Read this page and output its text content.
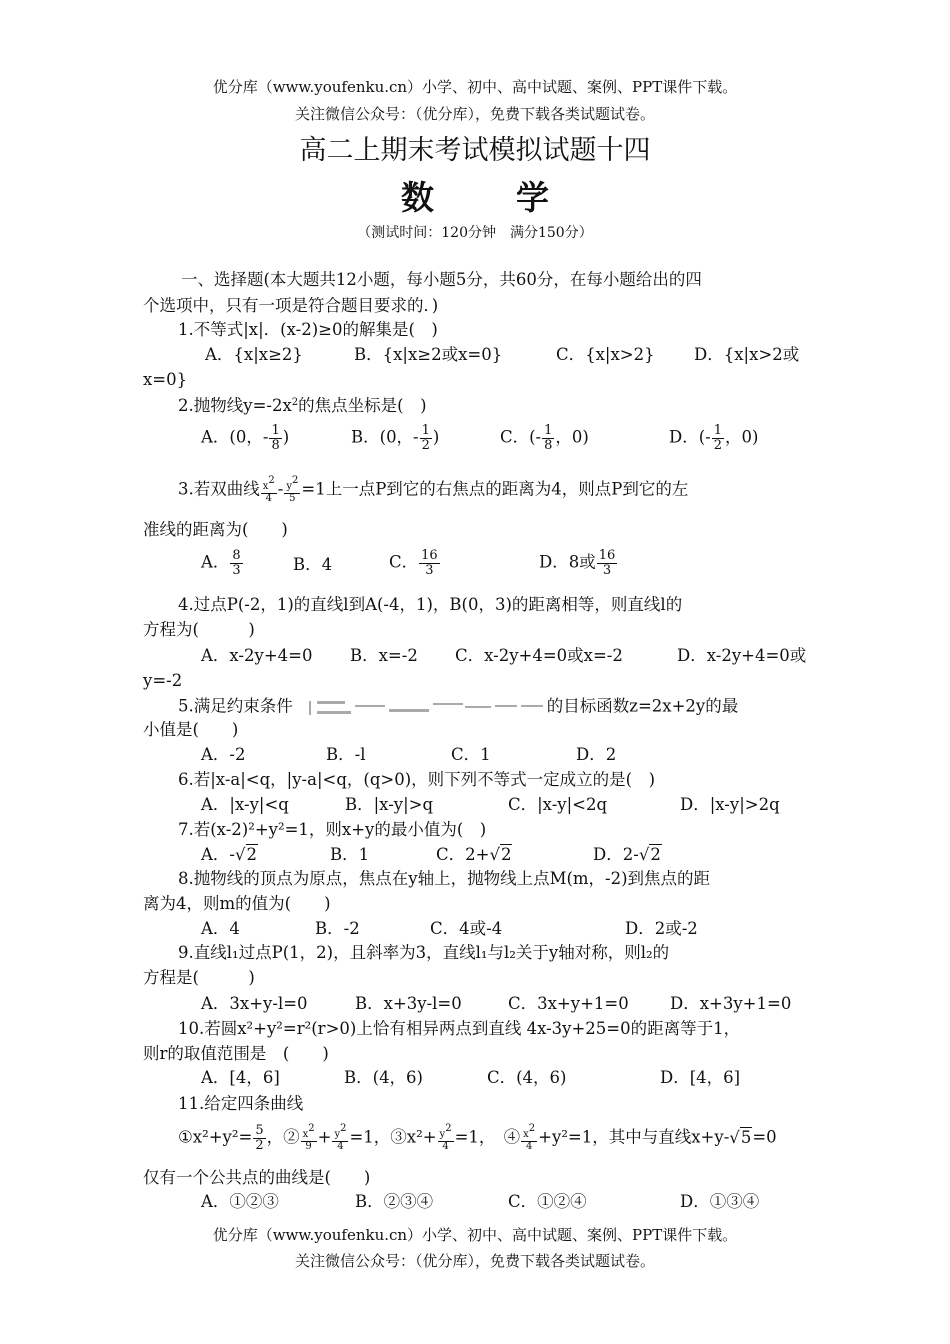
优分库（www.youfenku.cn）小学、初中、高中试题、案例、PPT课件下载。
关注微信公众号：（优分库），免费下载各类试题试卷。
高二上期末考试模拟试题十四
数 学
（测试时间：120分钟　满分150分）
一、选择题(本大题共12小题，每小题5分，共60分，在每小题给出的四
个选项中，只有一项是符合题目要求的．)
1.不等式|x|．(x-2)≥0的解集是(　)
A．{x|x≥2}	B．{x|x≥2或x=0}	C．{x|x>2} D．{x|x>2或
x=0}
2.抛物线$y=-2x^2$的焦点坐标是(　)
A．(0，- $\frac{1}{8}$ )	B．(0，- $\frac{1}{2}$ )	C．(- $\frac{1}{8}$ ，0)	D．(- $\frac{1}{2}$ ，0)
3.若双曲线 $\frac{x^2}{4} - \frac{y^2}{5} =1$上一点P到它的右焦点的距离为4，则点P到它的左
准线的距离为(　　)
A． $\frac{8}{3}$	B．4	C． $\frac{16}{3}$	D．8或 $\frac{16}{3}$
4.过点P(-2，1)的直线l到A(-4，1)，B(0，3)的距离相等，则直线l的
方程为(　　　)
A．x-2y+4=0 B．x=-2 C．x-2y+4=0或x=-2	D．x-2y+4=0或
y=-2
5.满足约束条件	的目标函数z=2x+2y的最
小值是(　　)
A．-2	B．-l	C．1	D．2
6.若|x-a|<q，|y-a|<q，(q>0)，则下列不等式一定成立的是(　)
A．|x-y|<q	B．|x-y|>q	C．|x-y|<2q	D．|x-y|>2q
7.若(x-2)²+y²=1，则x+y的最小值为(　)
A．-√2	B．1	C．2+√2	D．2-√2
8.抛物线的顶点为原点，焦点在y轴上，抛物线上点M(m，-2)到焦点的距
离为4，则m的值为(　　)
A．4	B．-2	C．4或-4	D．2或-2
9.直线l₁过点P(1，2)，且斜率为3，直线l₁与l₂关于y轴对称，则l₂的
方程是(　　　)
A．3x+y-l=0	B．x+3y-l=0	C．3x+y+1=0	D．x+3y+1=0
10.若圆x²+y²=r²(r>0)上恰有相异两点到直线 4x-3y+25=0的距离等于1，
则r的取值范围是　(　　)
A．[4，6]	B．(4，6)	C．(4，6)	D．[4，6]
11.给定四条曲线
①x²+y²= $\frac{5}{2}$ ，② $\frac{x^2}{9} + \frac{y^2}{4} =1$，③x²+ $\frac{y^2}{4} =1$，  ④ $\frac{x^2}{4} +y^2=1$，其中与直线x+y-√5=0
仅有一个公共点的曲线是(　　)
A．①②③	B．②③④	C．①②④	D．①③④
优分库（www.youfenku.cn）小学、初中、高中试题、案例、PPT课件下载。
关注微信公众号：（优分库），免费下载各类试题试卷。
